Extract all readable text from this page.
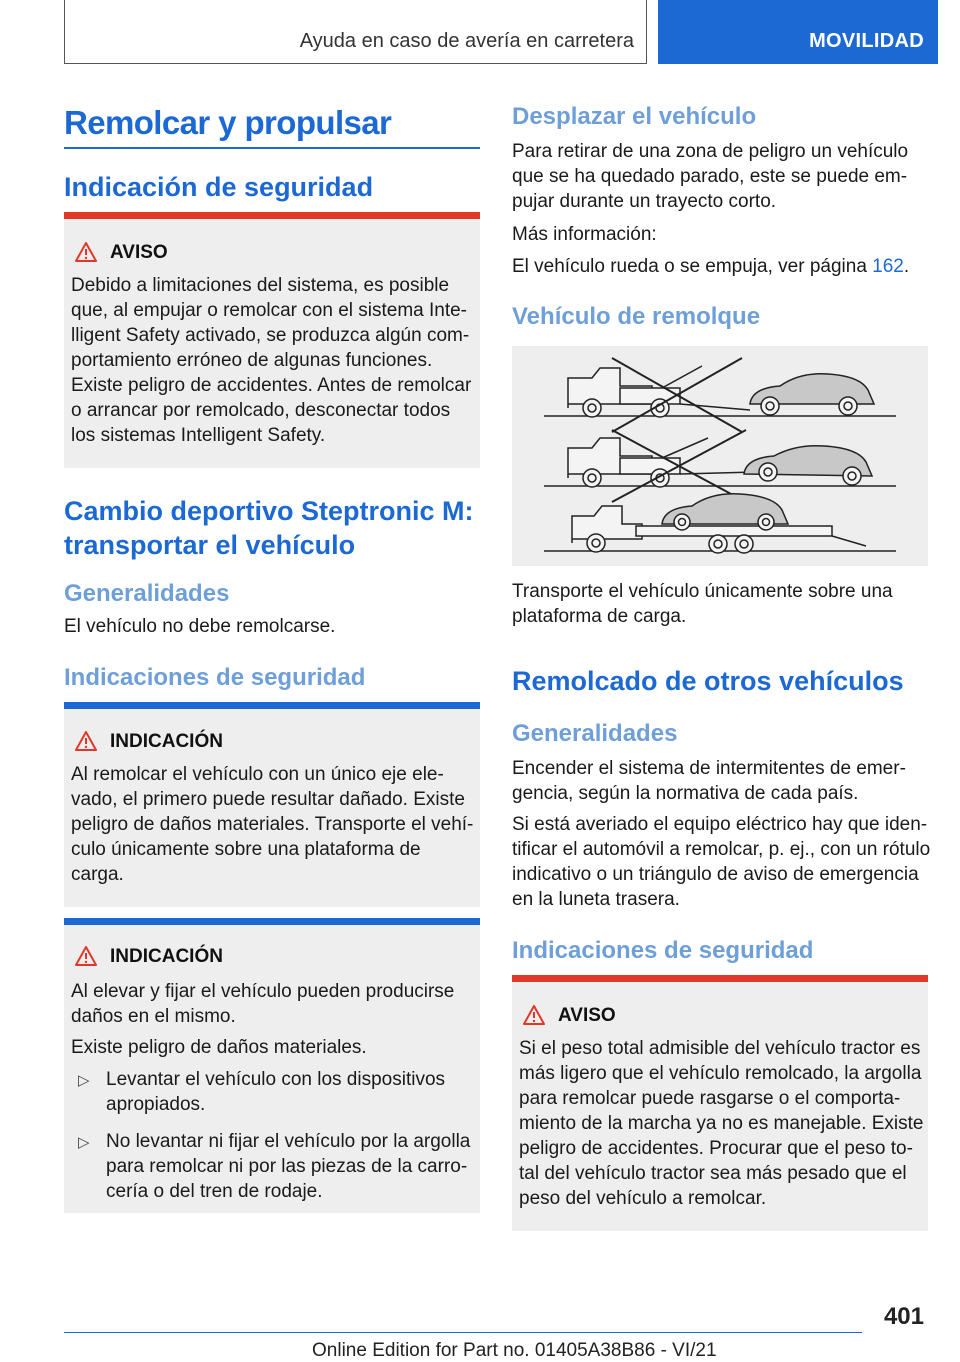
Ayuda en caso de avería en carretera	MOVILIDAD
Remolcar y propulsar
Indicación de seguridad
AVISO
Debido a limitaciones del sistema, es posible
que, al empujar o remolcar con el sistema Inte-
lligent Safety activado, se produzca algún com-
portamiento erróneo de algunas funciones.
Existe peligro de accidentes. Antes de remolcar
o arrancar por remolcado, desconectar todos
los sistemas Intelligent Safety.
Cambio deportivo Steptronic M:
transportar el vehículo
Generalidades
El vehículo no debe remolcarse.
Indicaciones de seguridad
INDICACIÓN
Al remolcar el vehículo con un único eje ele-
vado, el primero puede resultar dañado. Existe
peligro de daños materiales. Transporte el vehí-
culo únicamente sobre una plataforma de
carga.
INDICACIÓN
Al elevar y fijar el vehículo pueden producirse
daños en el mismo.
Existe peligro de daños materiales.
▷ Levantar el vehículo con los dispositivos
apropiados.
▷ No levantar ni fijar el vehículo por la argolla
para remolcar ni por las piezas de la carro-
cería o del tren de rodaje.
Desplazar el vehículo
Para retirar de una zona de peligro un vehículo
que se ha quedado parado, este se puede em-
pujar durante un trayecto corto.
Más información:
El vehículo rueda o se empuja, ver página 162.
Vehículo de remolque
Transporte el vehículo únicamente sobre una
plataforma de carga.
Remolcado de otros vehículos
Generalidades
Encender el sistema de intermitentes de emer-
gencia, según la normativa de cada país.
Si está averiado el equipo eléctrico hay que iden-
tificar el automóvil a remolcar, p. ej., con un rótulo
indicativo o un triángulo de aviso de emergencia
en la luneta trasera.
Indicaciones de seguridad
AVISO
Si el peso total admisible del vehículo tractor es
más ligero que el vehículo remolcado, la argolla
para remolcar puede rasgarse o el comporta-
miento de la marcha ya no es manejable. Existe
peligro de accidentes. Procurar que el peso to-
tal del vehículo tractor sea más pesado que el
peso del vehículo a remolcar.
401
Online Edition for Part no. 01405A38B86 - VI/21
